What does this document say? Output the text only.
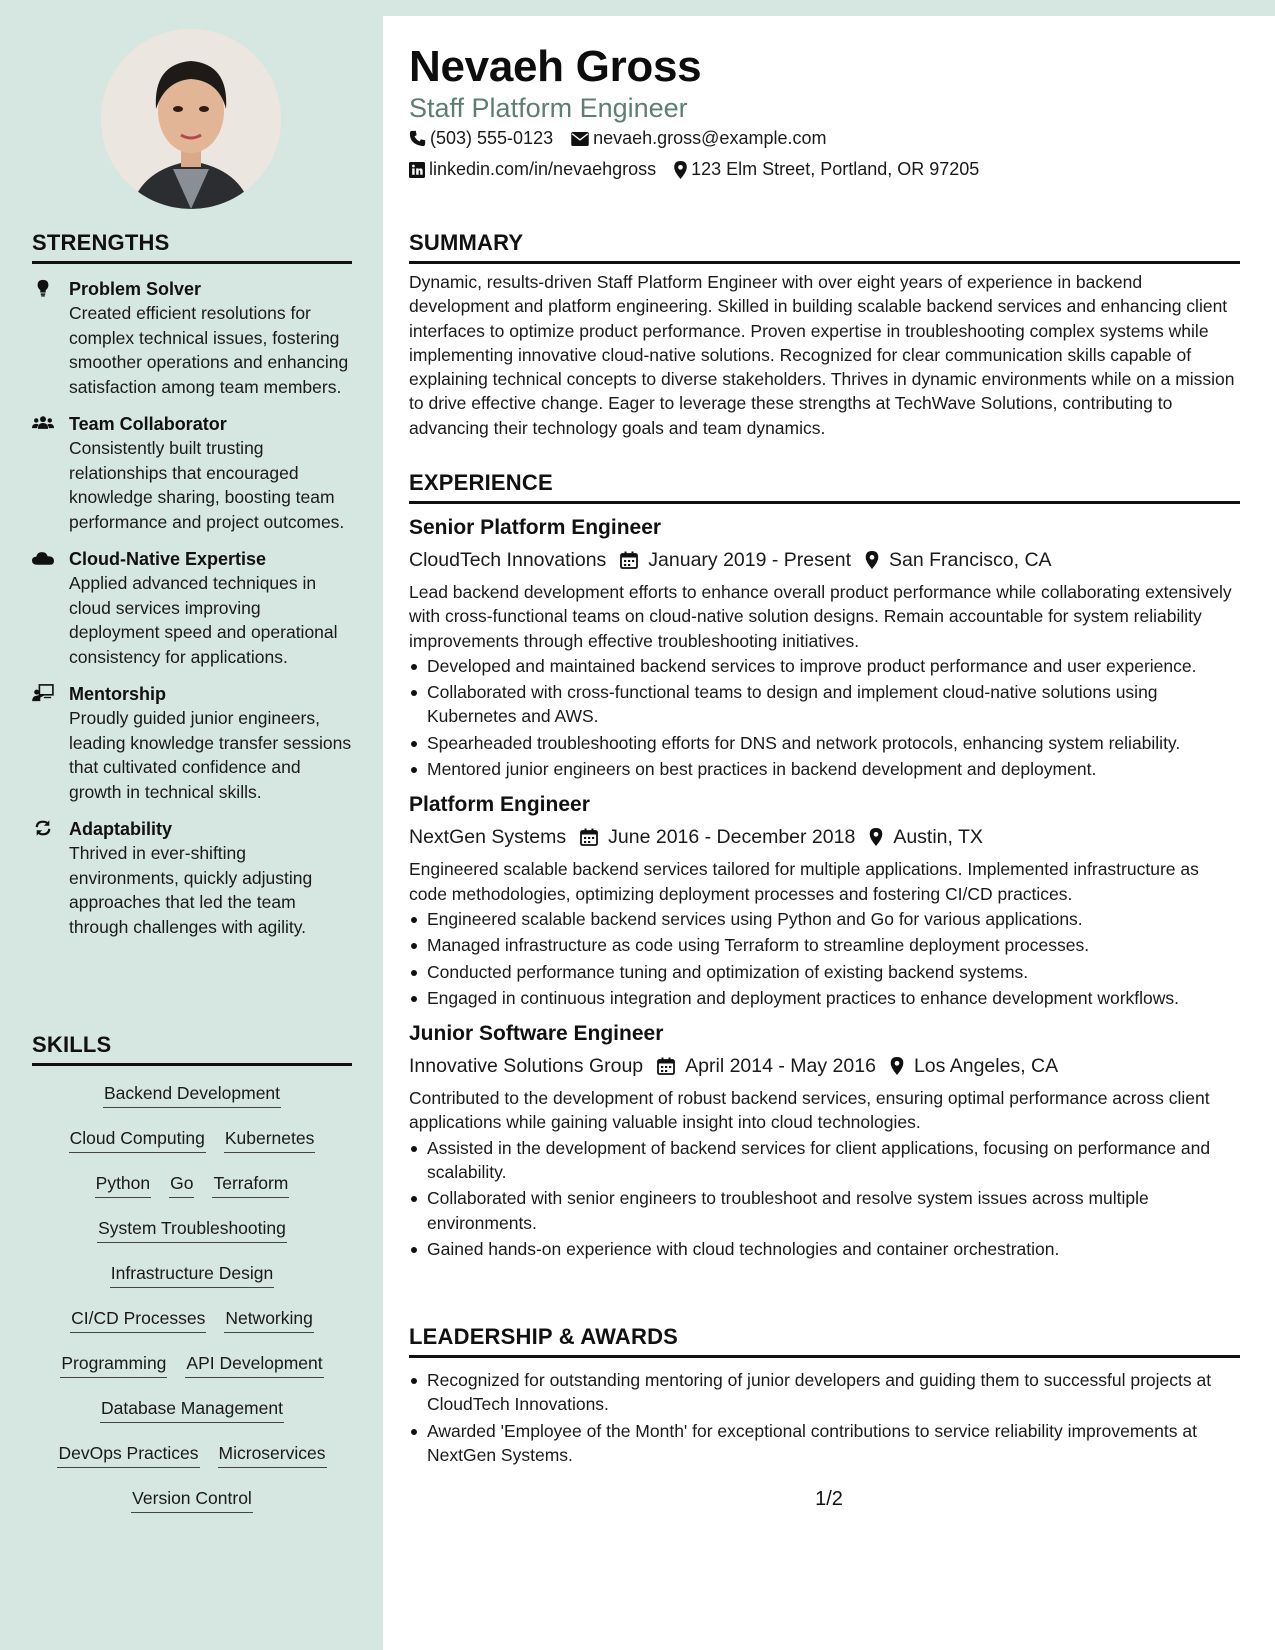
STRENGTHS
Problem Solver
Created efficient resolutions for complex technical issues, fostering smoother operations and enhancing satisfaction among team members.
Team Collaborator
Consistently built trusting relationships that encouraged knowledge sharing, boosting team performance and project outcomes.
Cloud-Native Expertise
Applied advanced techniques in cloud services improving deployment speed and operational consistency for applications.
Mentorship
Proudly guided junior engineers, leading knowledge transfer sessions that cultivated confidence and growth in technical skills.
Adaptability
Thrived in ever-shifting environments, quickly adjusting approaches that led the team through challenges with agility.
SKILLS
Backend Development
Cloud Computing Kubernetes
Python Go Terraform
System Troubleshooting
Infrastructure Design
CI/CD Processes Networking
Programming API Development
Database Management
DevOps Practices Microservices
Version Control
Nevaeh Gross
Staff Platform Engineer
(503) 555-0123 nevaeh.gross@example.com
linkedin.com/in/nevaehgross 123 Elm Street, Portland, OR 97205
SUMMARY
Dynamic, results-driven Staff Platform Engineer with over eight years of experience in backend development and platform engineering. Skilled in building scalable backend services and enhancing client interfaces to optimize product performance. Proven expertise in troubleshooting complex systems while implementing innovative cloud-native solutions. Recognized for clear communication skills capable of explaining technical concepts to diverse stakeholders. Thrives in dynamic environments while on a mission to drive effective change. Eager to leverage these strengths at TechWave Solutions, contributing to advancing their technology goals and team dynamics.
EXPERIENCE
Senior Platform Engineer
CloudTech Innovations January 2019 - Present San Francisco, CA
Lead backend development efforts to enhance overall product performance while collaborating extensively with cross-functional teams on cloud-native solution designs. Remain accountable for system reliability improvements through effective troubleshooting initiatives.
Developed and maintained backend services to improve product performance and user experience.
Collaborated with cross-functional teams to design and implement cloud-native solutions using Kubernetes and AWS.
Spearheaded troubleshooting efforts for DNS and network protocols, enhancing system reliability.
Mentored junior engineers on best practices in backend development and deployment.
Platform Engineer
NextGen Systems June 2016 - December 2018 Austin, TX
Engineered scalable backend services tailored for multiple applications. Implemented infrastructure as code methodologies, optimizing deployment processes and fostering CI/CD practices.
Engineered scalable backend services using Python and Go for various applications.
Managed infrastructure as code using Terraform to streamline deployment processes.
Conducted performance tuning and optimization of existing backend systems.
Engaged in continuous integration and deployment practices to enhance development workflows.
Junior Software Engineer
Innovative Solutions Group April 2014 - May 2016 Los Angeles, CA
Contributed to the development of robust backend services, ensuring optimal performance across client applications while gaining valuable insight into cloud technologies.
Assisted in the development of backend services for client applications, focusing on performance and scalability.
Collaborated with senior engineers to troubleshoot and resolve system issues across multiple environments.
Gained hands-on experience with cloud technologies and container orchestration.
LEADERSHIP & AWARDS
Recognized for outstanding mentoring of junior developers and guiding them to successful projects at CloudTech Innovations.
Awarded 'Employee of the Month' for exceptional contributions to service reliability improvements at NextGen Systems.
1/2
